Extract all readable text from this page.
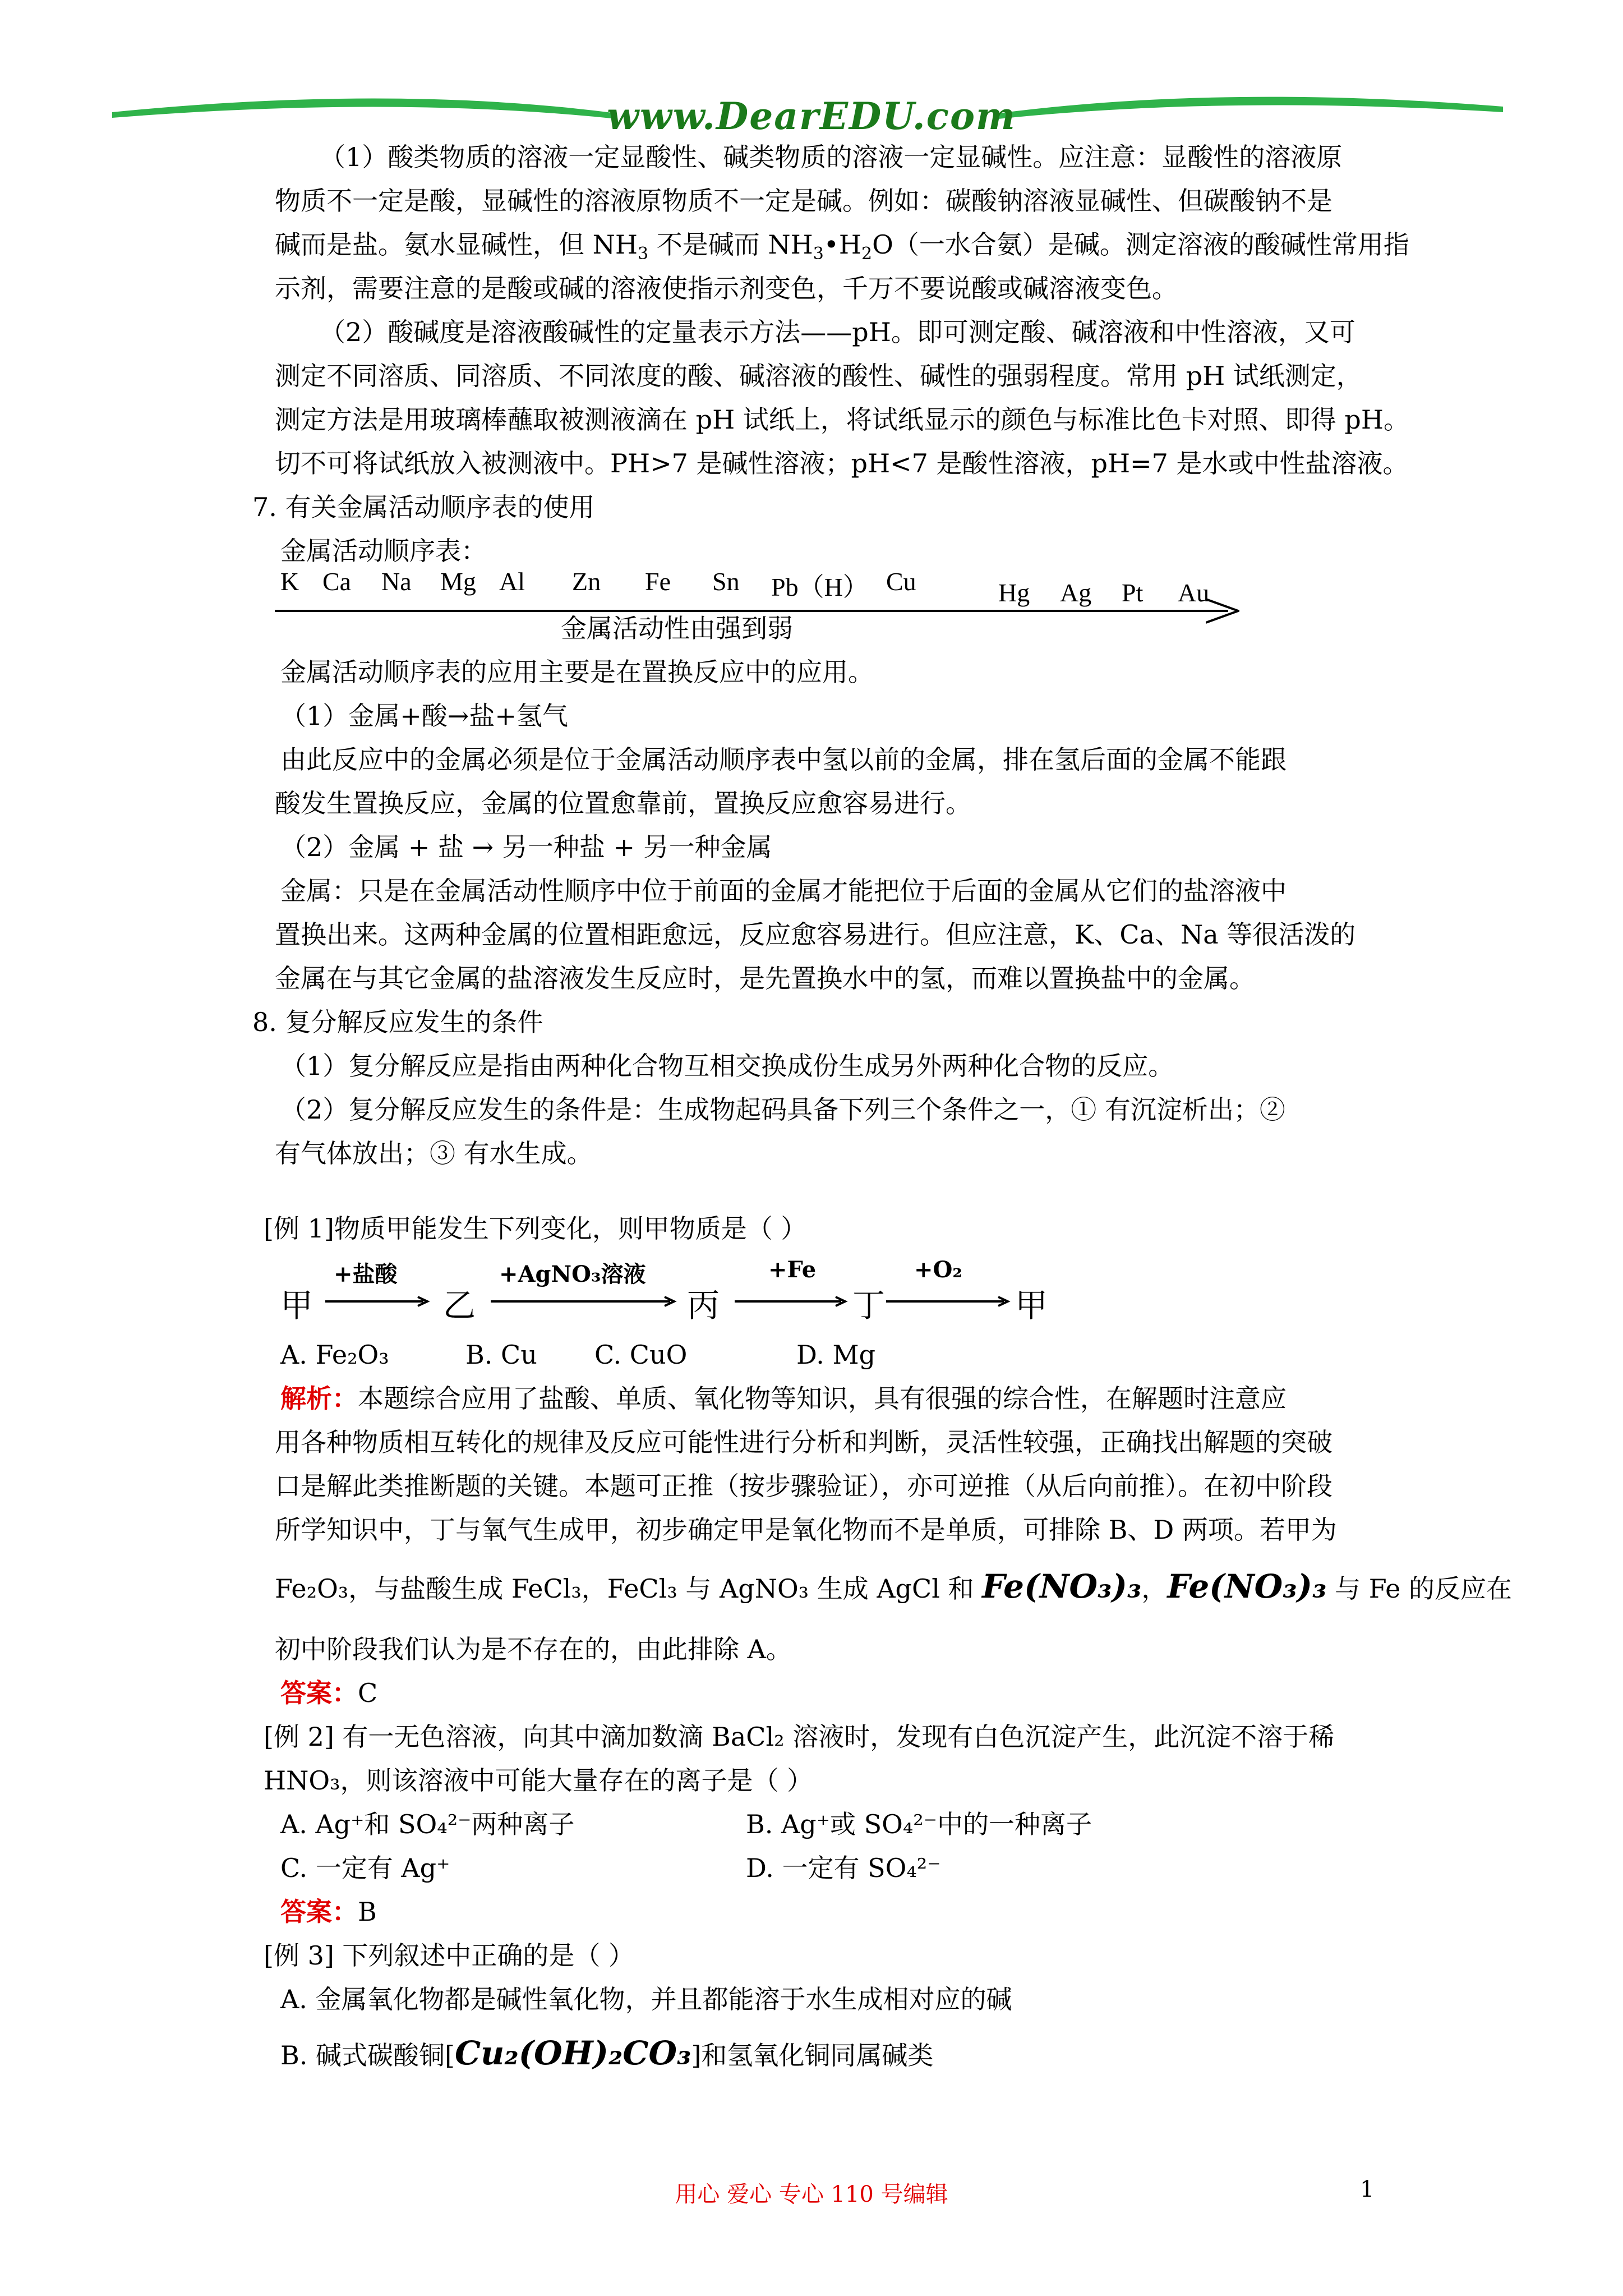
www.DearEDU.com
（1）酸类物质的溶液一定显酸性、碱类物质的溶液一定显碱性。应注意：显酸性的溶液原
物质不一定是酸，显碱性的溶液原物质不一定是碱。例如：碳酸钠溶液显碱性、但碳酸钠不是
碱而是盐。氨水显碱性，但 $NH_3$ 不是碱而 $NH_3•H_2O$（一水合氨）是碱。测定溶液的酸碱性常用指
示剂，需要注意的是酸或碱的溶液使指示剂变色，千万不要说酸或碱溶液变色。
（2）酸碱度是溶液酸碱性的定量表示方法——pH。即可测定酸、碱溶液和中性溶液，又可
测定不同溶质、同溶质、不同浓度的酸、碱溶液的酸性、碱性的强弱程度。常用 pH 试纸测定，
测定方法是用玻璃棒蘸取被测液滴在 pH 试纸上，将试纸显示的颜色与标准比色卡对照、即得 pH。
切不可将试纸放入被测液中。PH>7 是碱性溶液；pH<7 是酸性溶液，pH=7 是水或中性盐溶液。
7. 有关金属活动顺序表的使用
金属活动顺序表：
K Ca Na Mg Al Zn Fe Sn Pb（H） Cu	Hg Ag Pt Au
金属活动性由强到弱
金属活动顺序表的应用主要是在置换反应中的应用。
（1）金属+酸→盐+氢气
由此反应中的金属必须是位于金属活动顺序表中氢以前的金属，排在氢后面的金属不能跟
酸发生置换反应，金属的位置愈靠前，置换反应愈容易进行。
（2）金属 + 盐 → 另一种盐 + 另一种金属
金属：只是在金属活动性顺序中位于前面的金属才能把位于后面的金属从它们的盐溶液中
置换出来。这两种金属的位置相距愈远，反应愈容易进行。但应注意，K、Ca、Na 等很活泼的
金属在与其它金属的盐溶液发生反应时，是先置换水中的氢，而难以置换盐中的金属。
8. 复分解反应发生的条件
（1）复分解反应是指由两种化合物互相交换成份生成另外两种化合物的反应。
（2）复分解反应发生的条件是：生成物起码具备下列三个条件之一，① 有沉淀析出；②
有气体放出；③ 有水生成。
[例 1]物质甲能发生下列变化，则甲物质是（ ）
甲
+盐酸
乙
+AgNO₃溶液
丙
+Fe
丁
+O₂
甲
A. Fe₂O₃	B. Cu C. CuO	D. Mg
解析：本题综合应用了盐酸、单质、氧化物等知识，具有很强的综合性，在解题时注意应
用各种物质相互转化的规律及反应可能性进行分析和判断，灵活性较强，正确找出解题的突破
口是解此类推断题的关键。本题可正推（按步骤验证），亦可逆推（从后向前推）。在初中阶段
所学知识中，丁与氧气生成甲，初步确定甲是氧化物而不是单质，可排除 B、D 两项。若甲为
Fe₂O₃，与盐酸生成 FeCl₃，FeCl₃ 与 AgNO₃ 生成 AgCl 和 Fe(NO₃)₃，Fe(NO₃)₃ 与 Fe 的反应在
初中阶段我们认为是不存在的，由此排除 A。
答案：C
[例 2] 有一无色溶液，向其中滴加数滴 BaCl₂ 溶液时，发现有白色沉淀产生，此沉淀不溶于稀
HNO₃，则该溶液中可能大量存在的离子是（ ）
A. Ag⁺和 SO₄²⁻两种离子	B. Ag⁺或 SO₄²⁻中的一种离子
C. 一定有 Ag⁺	D. 一定有 SO₄²⁻
答案：B
[例 3] 下列叙述中正确的是（ ）
A. 金属氧化物都是碱性氧化物，并且都能溶于水生成相对应的碱
B. 碱式碳酸铜[Cu₂(OH)₂CO₃]和氢氧化铜同属碱类
用心 爱心 专心 110 号编辑	1
